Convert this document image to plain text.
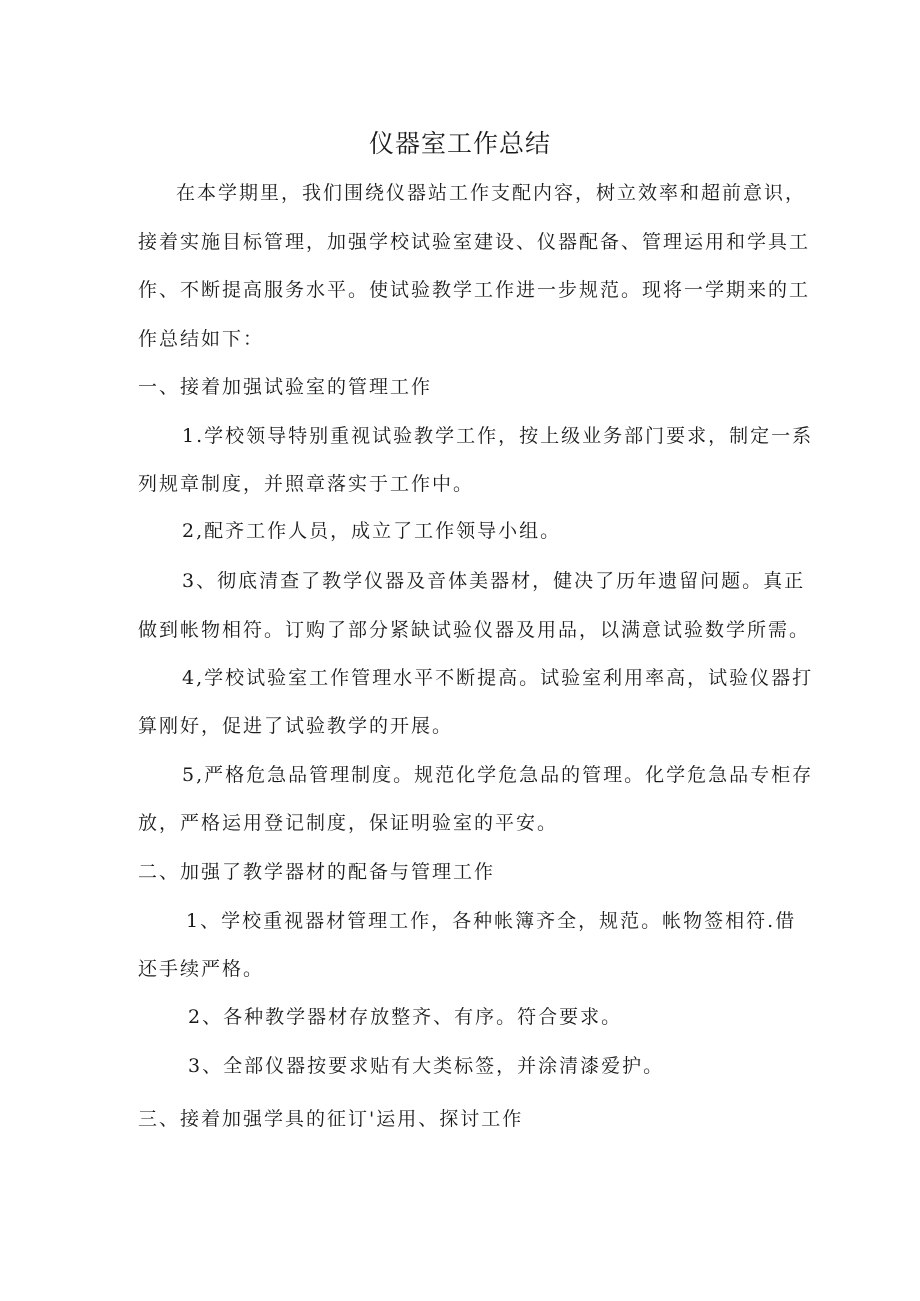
仪器室工作总结
在本学期里，我们围绕仪器站工作支配内容，树立效率和超前意识，
接着实施目标管理，加强学校试验室建设、仪器配备、管理运用和学具工
作、不断提高服务水平。使试验教学工作进一步规范。现将一学期来的工
作总结如下：
一、接着加强试验室的管理工作
1.学校领导特别重视试验教学工作，按上级业务部门要求，制定一系
列规章制度，并照章落实于工作中。
2,配齐工作人员，成立了工作领导小组。
3、彻底清查了教学仪器及音体美器材，健决了历年遗留问题。真正
做到帐物相符。订购了部分紧缺试验仪器及用品，以满意试验数学所需。
4,学校试验室工作管理水平不断提高。试验室利用率高，试验仪器打
算刚好，促进了试验教学的开展。
5,严格危急品管理制度。规范化学危急品的管理。化学危急品专柜存
放，严格运用登记制度，保证明验室的平安。
二、加强了教学器材的配备与管理工作
1、学校重视器材管理工作，各种帐簿齐全，规范。帐物签相符.借
还手续严格。
2、各种教学器材存放整齐、有序。符合要求。
3、全部仪器按要求贴有大类标签，并涂清漆爱护。
三、接着加强学具的征订'运用、探讨工作
